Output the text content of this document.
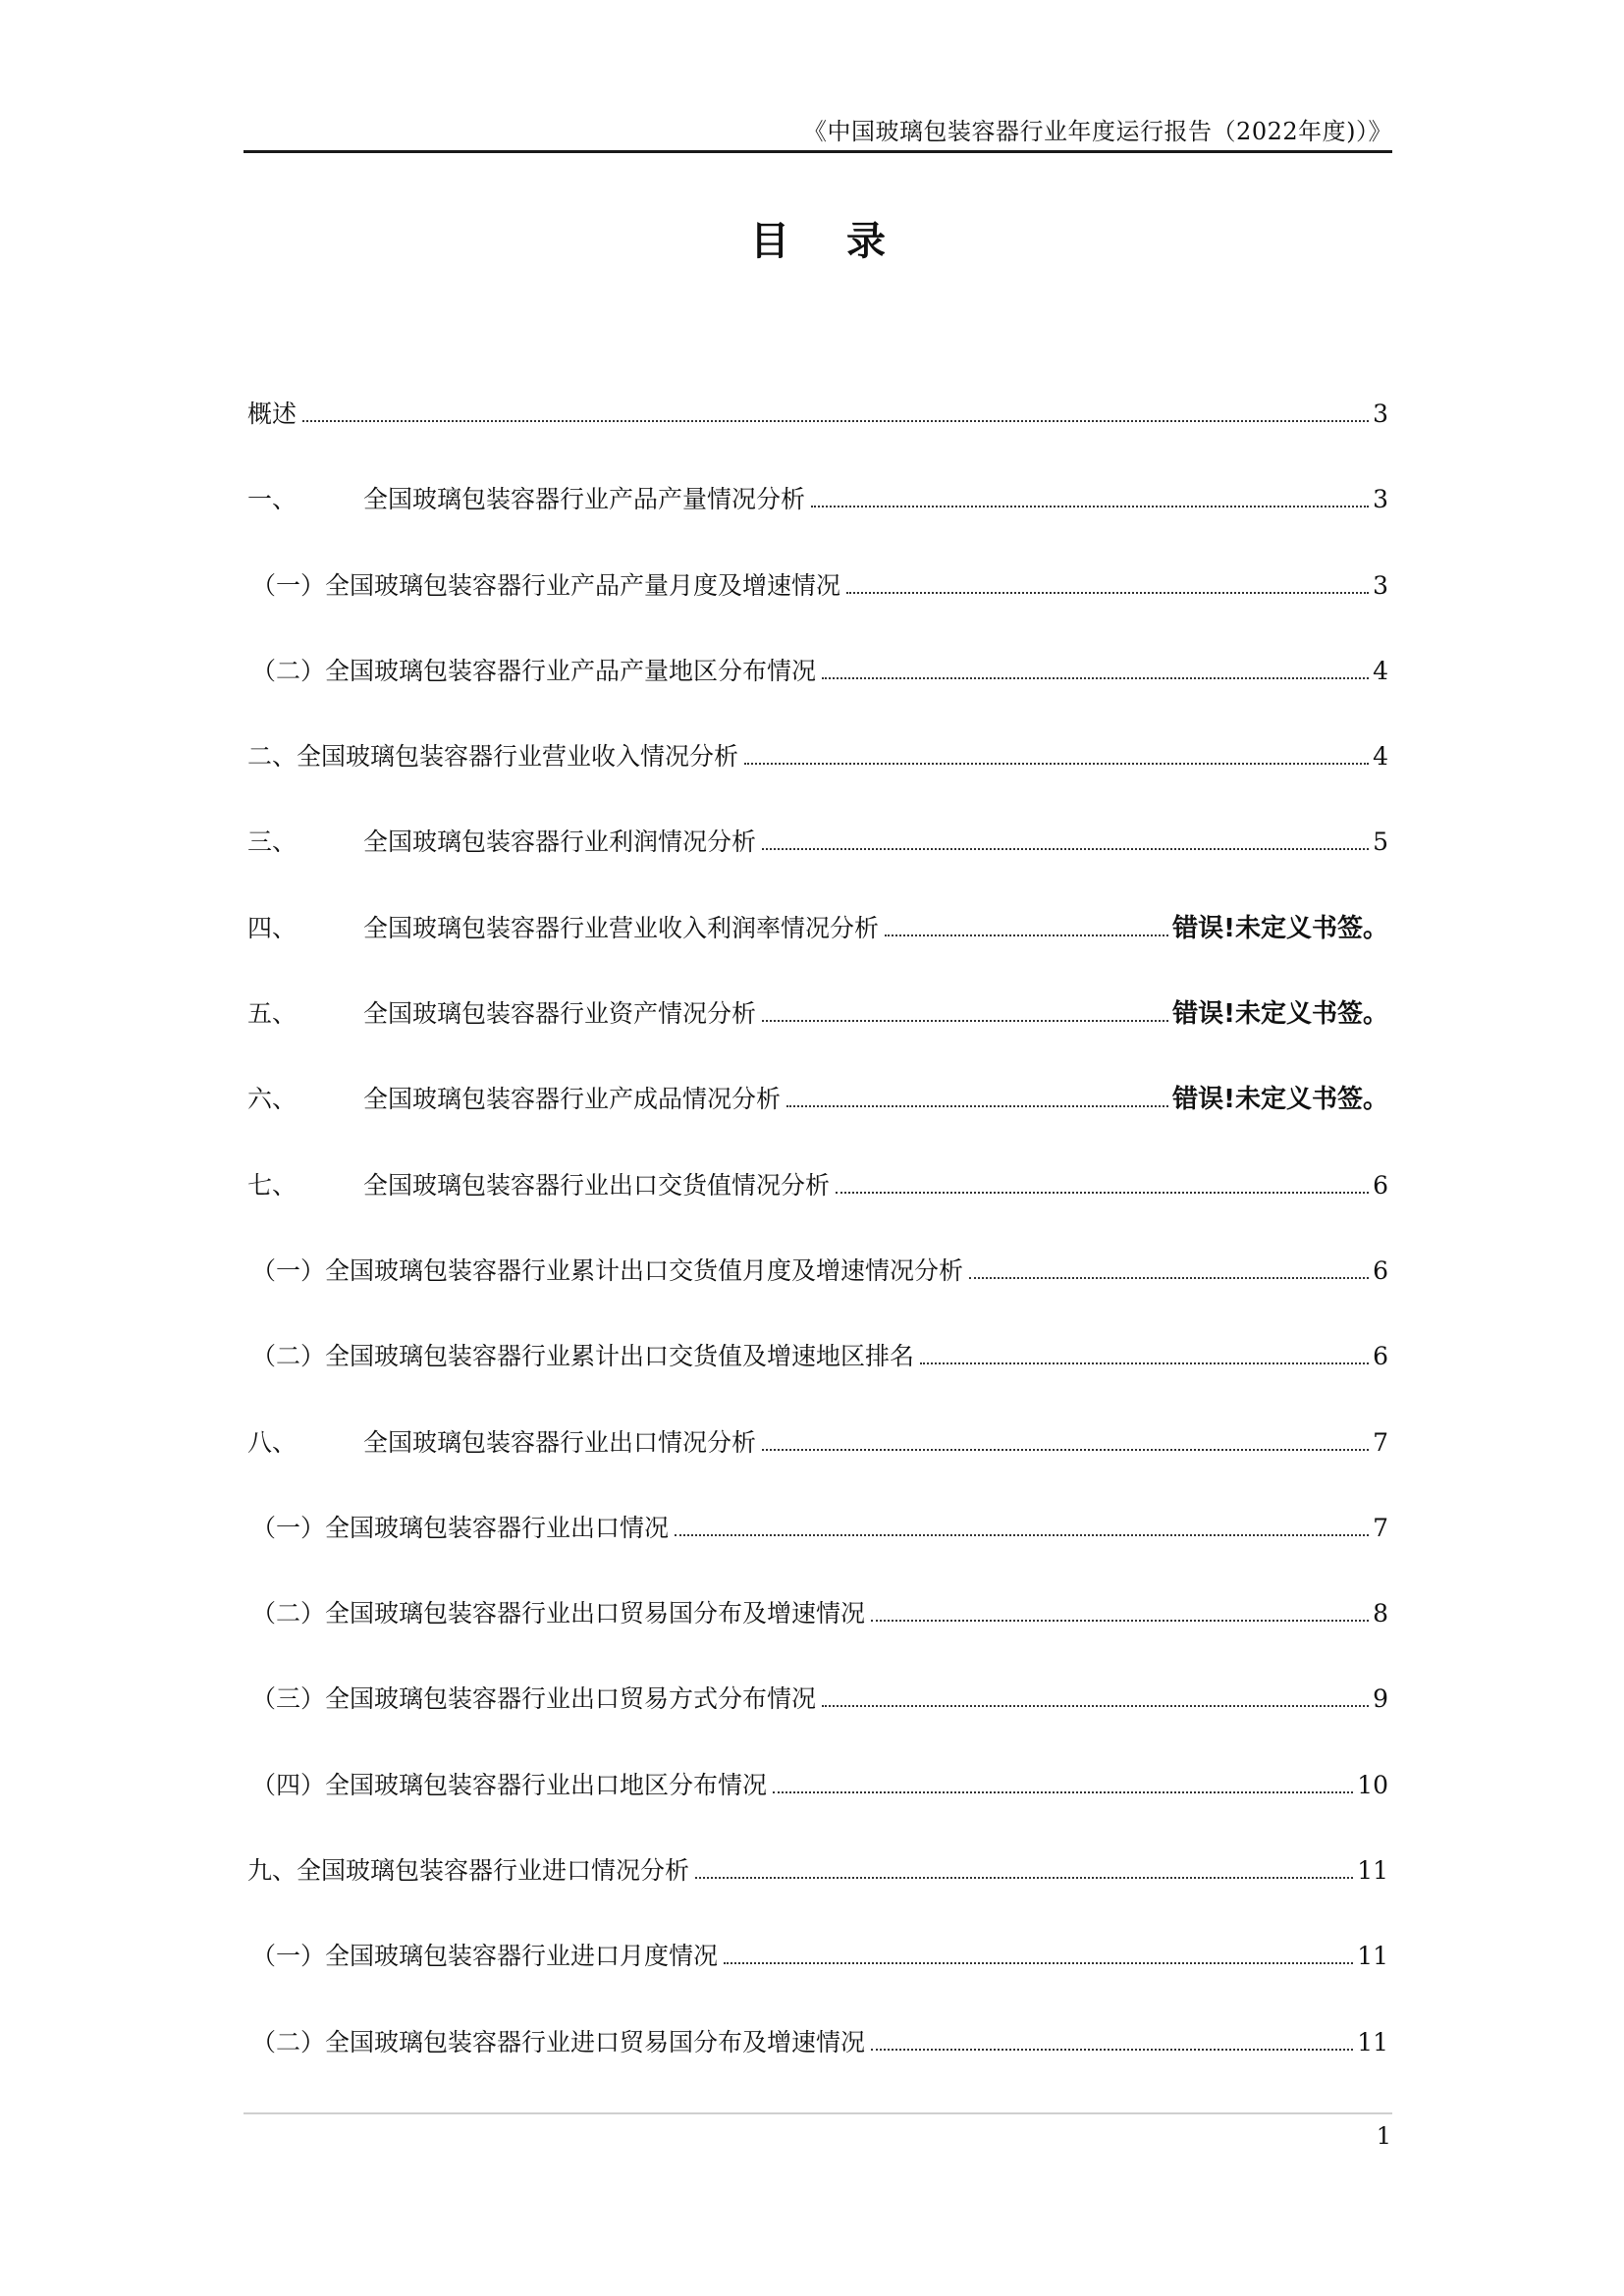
《中国玻璃包装容器行业年度运行报告（2022年度)）》
目录
概述	3
一、	全国玻璃包装容器行业产品产量情况分析	3
（一）全国玻璃包装容器行业产品产量月度及增速情况	3
（二）全国玻璃包装容器行业产品产量地区分布情况	4
二、 全国玻璃包装容器行业营业收入情况分析	4
三、	全国玻璃包装容器行业利润情况分析	5
四、	全国玻璃包装容器行业营业收入利润率情况分析	错误!未定义书签。
五、	全国玻璃包装容器行业资产情况分析	错误!未定义书签。
六、	全国玻璃包装容器行业产成品情况分析	错误!未定义书签。
七、	全国玻璃包装容器行业出口交货值情况分析	6
（一）全国玻璃包装容器行业累计出口交货值月度及增速情况分析	6
（二）全国玻璃包装容器行业累计出口交货值及增速地区排名	6
八、	全国玻璃包装容器行业出口情况分析	7
（一）全国玻璃包装容器行业出口情况	7
（二）全国玻璃包装容器行业出口贸易国分布及增速情况	8
（三）全国玻璃包装容器行业出口贸易方式分布情况	9
（四）全国玻璃包装容器行业出口地区分布情况	10
九、 全国玻璃包装容器行业进口情况分析	11
（一）全国玻璃包装容器行业进口月度情况	11
（二）全国玻璃包装容器行业进口贸易国分布及增速情况	11
1
